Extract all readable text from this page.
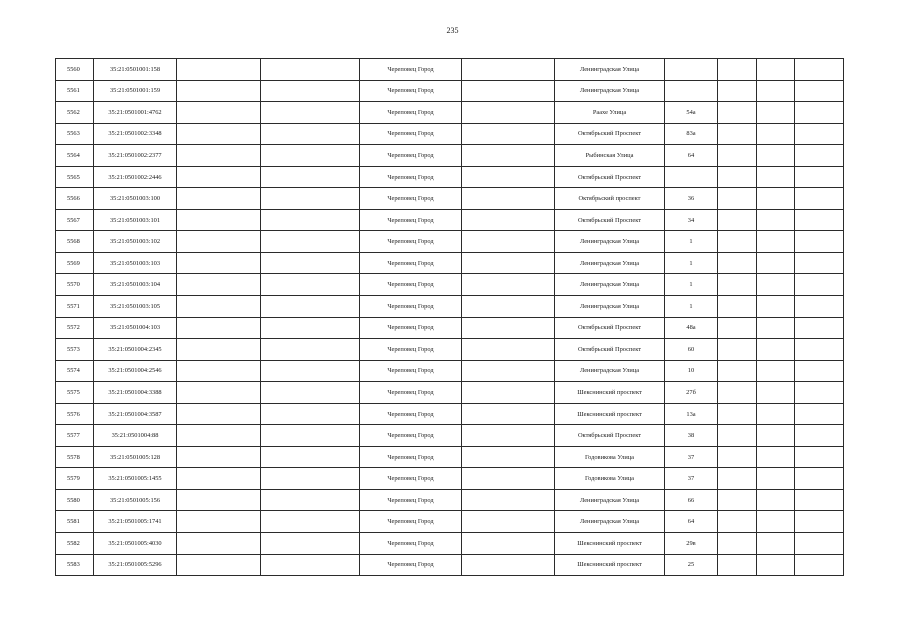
235
5560	35:21:0501001:158			Череповец Город		Ленинградская Улица				
5561	35:21:0501001:159			Череповец Город		Ленинградская Улица				
5562	35:21:0501001:4762			Череповец Город		Раахе Улица	54а			
5563	35:21:0501002:3348			Череповец Город		Октябрьский Проспект	83а			
5564	35:21:0501002:2377			Череповец Город		Рыбинская Улица	64			
5565	35:21:0501002:2446			Череповец Город		Октябрьский Проспект				
5566	35:21:0501003:100			Череповец Город		Октябрьский проспект	36			
5567	35:21:0501003:101			Череповец Город		Октябрьский Проспект	34			
5568	35:21:0501003:102			Череповец Город		Ленинградская Улица	1			
5569	35:21:0501003:103			Череповец Город		Ленинградская Улица	1			
5570	35:21:0501003:104			Череповец Город		Ленинградская Улица	1			
5571	35:21:0501003:105			Череповец Город		Ленинградская Улица	1			
5572	35:21:0501004:103			Череповец Город		Октябрьский Проспект	48а			
5573	35:21:0501004:2345			Череповец Город		Октябрьский Проспект	60			
5574	35:21:0501004:2546			Череповец Город		Ленинградская Улица	10			
5575	35:21:0501004:3388			Череповец Город		Шекснинский проспект	27б			
5576	35:21:0501004:3587			Череповец Город		Шекснинский проспект	13а			
5577	35:21:0501004:88			Череповец Город		Октябрьский Проспект	38			
5578	35:21:0501005:128			Череповец Город		Годовикова Улица	37			
5579	35:21:0501005:1455			Череповец Город		Годовикова Улица	37			
5580	35:21:0501005:156			Череповец Город		Ленинградская Улица	66			
5581	35:21:0501005:1741			Череповец Город		Ленинградская Улица	64			
5582	35:21:0501005:4030			Череповец Город		Шекснинский проспект	29в			
5583	35:21:0501005:5296			Череповец Город		Шекснинский проспект	25			
